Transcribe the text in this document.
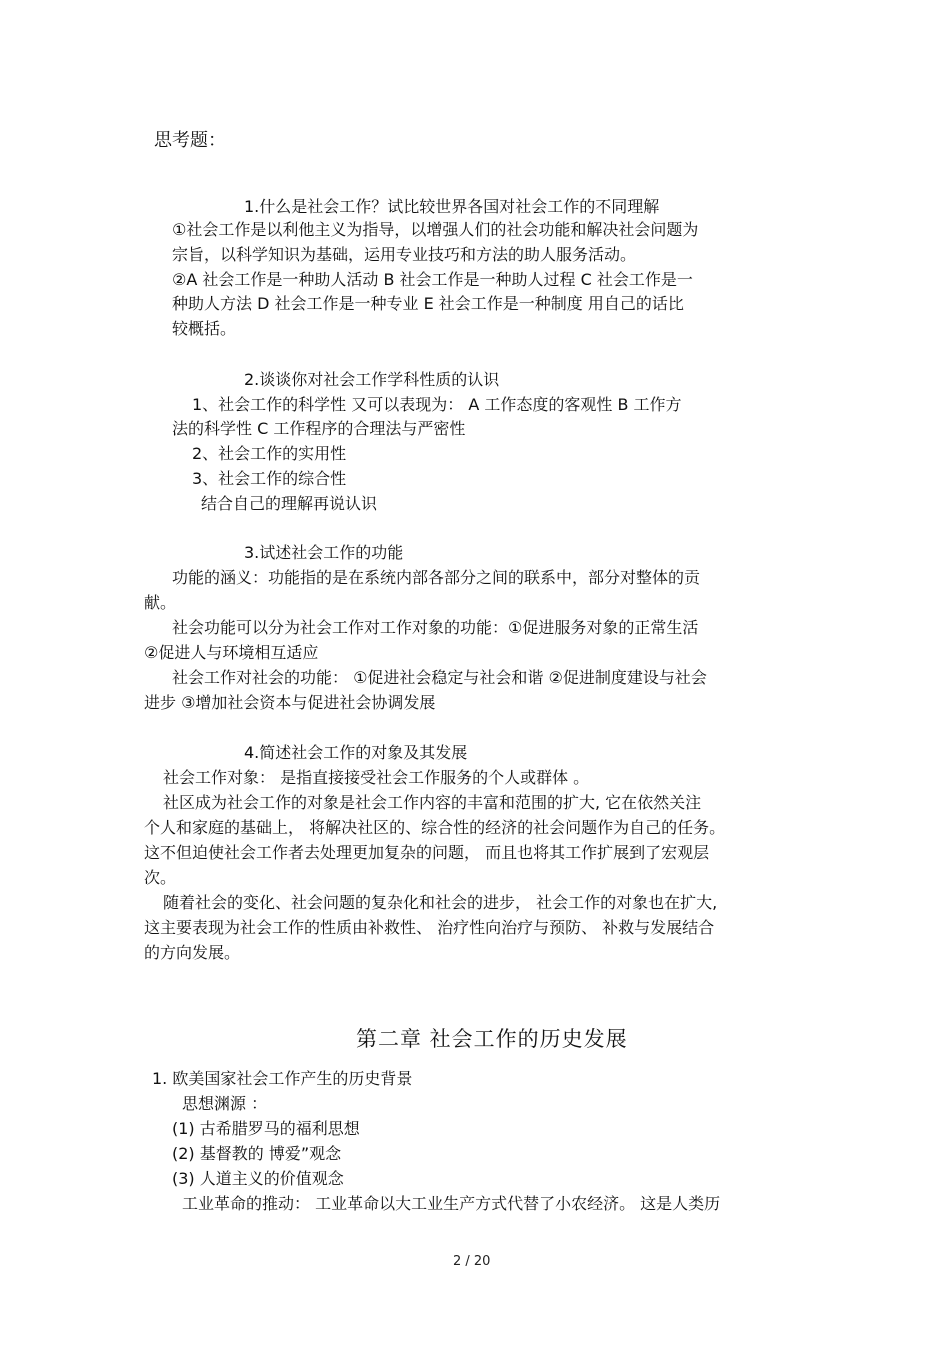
思考题：
1.什么是社会工作？试比较世界各国对社会工作的不同理解
①社会工作是以利他主义为指导，以增强人们的社会功能和解决社会问题为
宗旨，以科学知识为基础，运用专业技巧和方法的助人服务活动。
②A 社会工作是一种助人活动 B 社会工作是一种助人过程 C 社会工作是一
种助人方法 D 社会工作是一种专业 E 社会工作是一种制度 用自己的话比
较概括。
2.谈谈你对社会工作学科性质的认识
1、社会工作的科学性 又可以表现为： A 工作态度的客观性 B 工作方
法的科学性 C 工作程序的合理法与严密性
2、社会工作的实用性
3、社会工作的综合性
结合自己的理解再说认识
3.试述社会工作的功能
功能的涵义：功能指的是在系统内部各部分之间的联系中，部分对整体的贡
献。
社会功能可以分为社会工作对工作对象的功能：①促进服务对象的正常生活
②促进人与环境相互适应
社会工作对社会的功能： ①促进社会稳定与社会和谐 ②促进制度建设与社会
进步 ③增加社会资本与促进社会协调发展
4.简述社会工作的对象及其发展
社会工作对象： 是指直接接受社会工作服务的个人或群体 。
社区成为社会工作的对象是社会工作内容的丰富和范围的扩大, 它在依然关注
个人和家庭的基础上， 将解决社区的、综合性的经济的社会问题作为自己的任务。
这不但迫使社会工作者去处理更加复杂的问题， 而且也将其工作扩展到了宏观层
次。
随着社会的变化、社会问题的复杂化和社会的进步， 社会工作的对象也在扩大,
这主要表现为社会工作的性质由补救性、 治疗性向治疗与预防、 补救与发展结合
的方向发展。
第二章 社会工作的历史发展
1. 欧美国家社会工作产生的历史背景
思想渊源 ：
(1) 古希腊罗马的福利思想
(2) 基督教的 博爱”观念
(3) 人道主义的价值观念
工业革命的推动： 工业革命以大工业生产方式代替了小农经济。 这是人类历
2 / 20
